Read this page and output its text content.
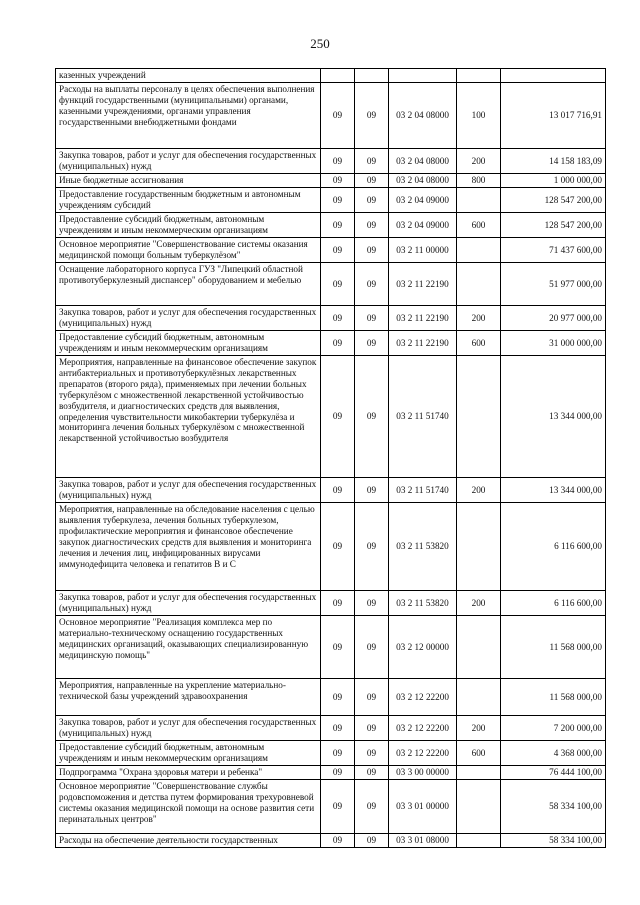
250
казенных учреждений					
Расходы на выплаты персоналу в целях обеспечения выполнения функций государственными (муниципальными) органами, казенными учреждениями, органами управления государственными внебюджетными фондами	09	09	03 2 04 08000	100	13 017 716,91
Закупка товаров, работ и услуг для обеспечения государственных (муниципальных) нужд	09	09	03 2 04 08000	200	14 158 183,09
Иные бюджетные ассигнования	09	09	03 2 04 08000	800	1 000 000,00
Предоставление государственным бюджетным и автономным учреждениям субсидий	09	09	03 2 04 09000		128 547 200,00
Предоставление субсидий бюджетным, автономным учреждениям и иным некоммерческим организациям	09	09	03 2 04 09000	600	128 547 200,00
Основное мероприятие "Совершенствование системы оказания медицинской помощи больным туберкулёзом"	09	09	03 2 11 00000		71 437 600,00
Оснащение лабораторного корпуса ГУЗ "Липецкий областной противотуберкулезный диспансер" оборудованием и мебелью	09	09	03 2 11 22190		51 977 000,00
Закупка товаров, работ и услуг для обеспечения государственных (муниципальных) нужд	09	09	03 2 11 22190	200	20 977 000,00
Предоставление субсидий бюджетным, автономным учреждениям и иным некоммерческим организациям	09	09	03 2 11 22190	600	31 000 000,00
Мероприятия, направленные на финансовое обеспечение закупок антибактериальных и противотуберкулёзных лекарственных препаратов (второго ряда), применяемых при лечении больных туберкулёзом с множественной лекарственной устойчивостью возбудителя, и диагностических средств для выявления, определения чувствительности микобактерии туберкулёза и мониторинга лечения больных туберкулёзом с множественной лекарственной устойчивостью возбудителя	09	09	03 2 11 51740		13 344 000,00
Закупка товаров, работ и услуг для обеспечения государственных (муниципальных) нужд	09	09	03 2 11 51740	200	13 344 000,00
Мероприятия, направленные на обследование населения с целью выявления туберкулеза, лечения больных туберкулезом, профилактические мероприятия и финансовое обеспечение закупок диагностических средств для выявления и мониторинга лечения и лечения лиц, инфицированных вирусами иммунодефицита человека и гепатитов В и С	09	09	03 2 11 53820		6 116 600,00
Закупка товаров, работ и услуг для обеспечения государственных (муниципальных) нужд	09	09	03 2 11 53820	200	6 116 600,00
Основное мероприятие "Реализация комплекса мер по материально-техническому оснащению государственных медицинских организаций, оказывающих специализированную медицинскую помощь"	09	09	03 2 12 00000		11 568 000,00
Мероприятия, направленные на укрепление материально-технической базы учреждений здравоохранения	09	09	03 2 12 22200		11 568 000,00
Закупка товаров, работ и услуг для обеспечения государственных (муниципальных) нужд	09	09	03 2 12 22200	200	7 200 000,00
Предоставление субсидий бюджетным, автономным учреждениям и иным некоммерческим организациям	09	09	03 2 12 22200	600	4 368 000,00
Подпрограмма "Охрана здоровья матери и ребенка"	09	09	03 3 00 00000		76 444 100,00
Основное мероприятие "Совершенствование службы родовспоможения и детства путем формирования трехуровневой системы оказания медицинской помощи на основе развития сети перинатальных центров"	09	09	03 3 01 00000		58 334 100,00
Расходы на обеспечение деятельности государственных	09	09	03 3 01 08000		58 334 100,00
